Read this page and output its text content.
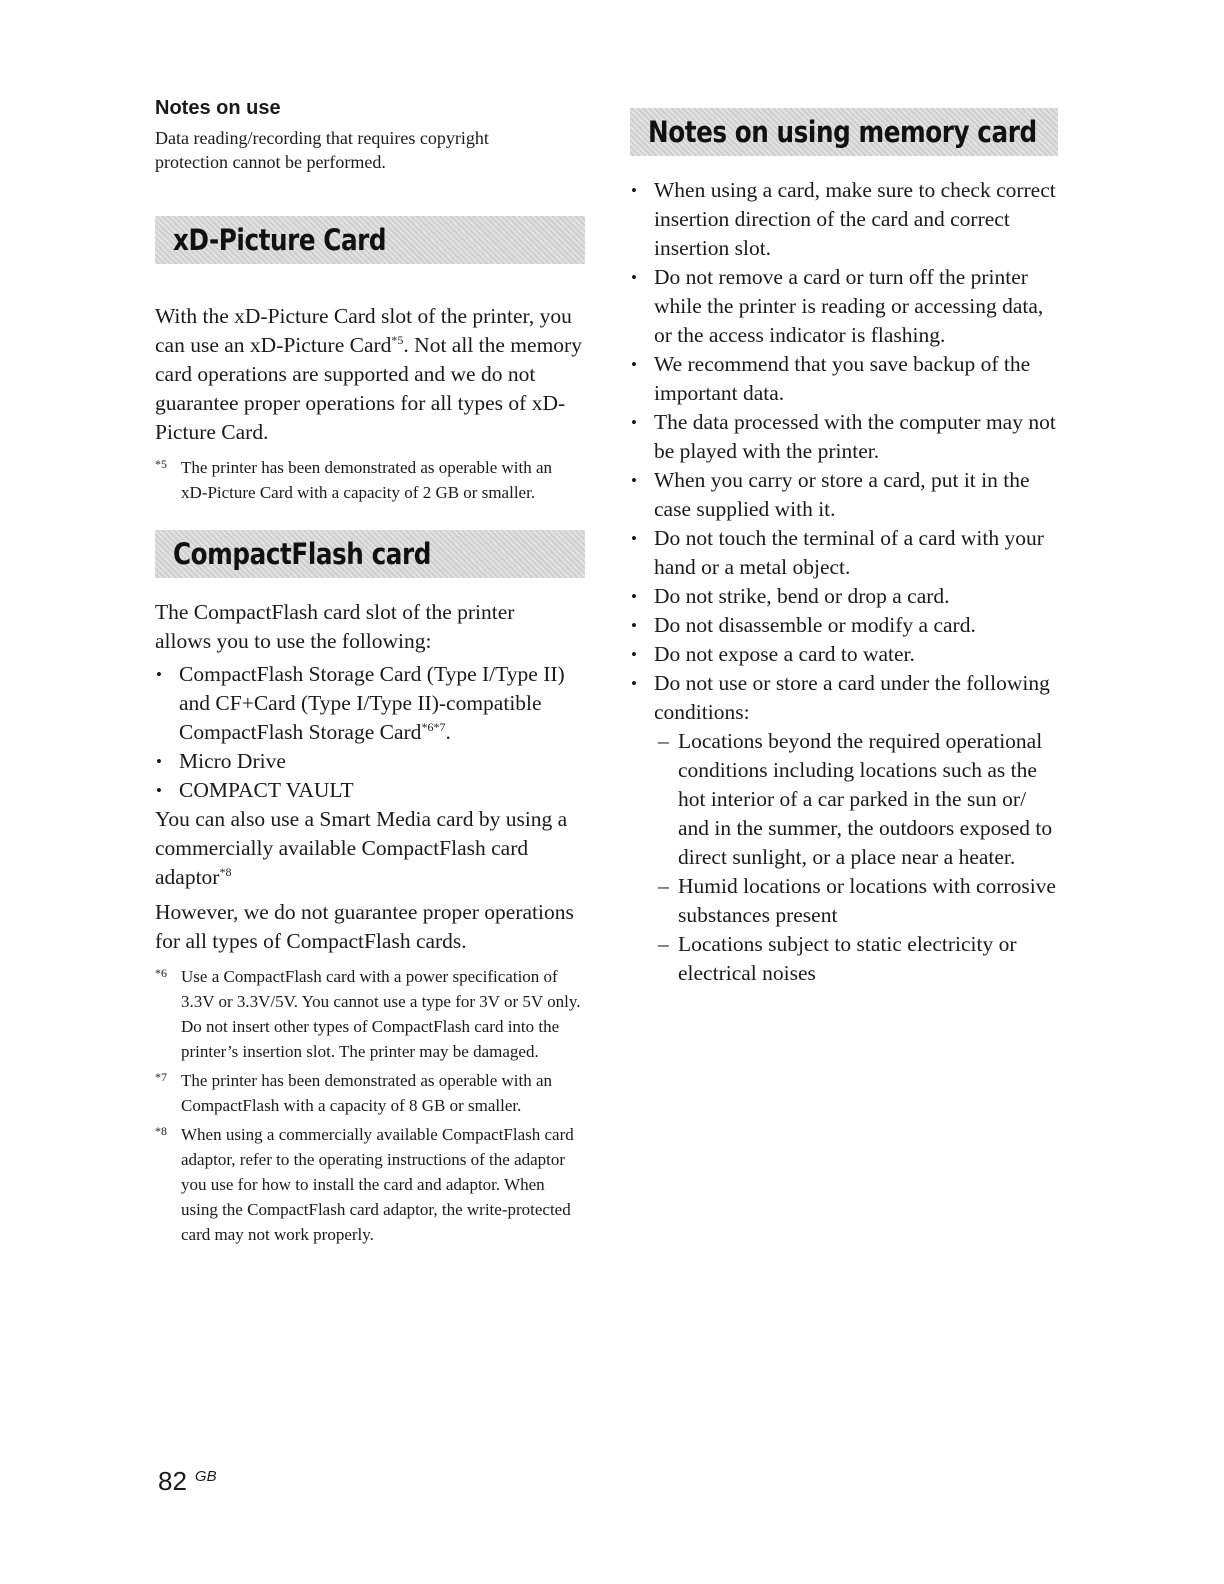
Notes on use

Data reading/recording that requires copyright protection cannot be performed.

xD-Picture Card

With the xD-Picture Card slot of the printer, you can use an xD-Picture Card$^{*5}$. Not all the memory card operations are supported and we do not guarantee proper operations for all types of xD-Picture Card.

*5 The printer has been demonstrated as operable with an xD-Picture Card with a capacity of 2 GB or smaller.

CompactFlash card

The CompactFlash card slot of the printer allows you to use the following:

• CompactFlash Storage Card (Type I/Type II) and CF+Card (Type I/Type II)-compatible CompactFlash Storage Card$^{*6*7}$.
• Micro Drive
• COMPACT VAULT

You can also use a Smart Media card by using a commercially available CompactFlash card adaptor$^{*8}$

However, we do not guarantee proper operations for all types of CompactFlash cards.

*6 Use a CompactFlash card with a power specification of 3.3V or 3.3V/5V. You cannot use a type for 3V or 5V only. Do not insert other types of CompactFlash card into the printer’s insertion slot. The printer may be damaged.

*7 The printer has been demonstrated as operable with an CompactFlash with a capacity of 8 GB or smaller.

*8 When using a commercially available CompactFlash card adaptor, refer to the operating instructions of the adaptor you use for how to install the card and adaptor. When using the CompactFlash card adaptor, the write-protected card may not work properly.

Notes on using memory card
• When using a card, make sure to check correct insertion direction of the card and correct insertion slot.
• Do not remove a card or turn off the printer while the printer is reading or accessing data, or the access indicator is flashing.
• We recommend that you save backup of the important data.
• The data processed with the computer may not be played with the printer.
• When you carry or store a card, put it in the case supplied with it.
• Do not touch the terminal of a card with your hand or a metal object.
• Do not strike, bend or drop a card.
• Do not disassemble or modify a card.
• Do not expose a card to water.
• Do not use or store a card under the following conditions:
– Locations beyond the required operational conditions including locations such as the hot interior of a car parked in the sun or/ and in the summer, the outdoors exposed to direct sunlight, or a place near a heater.
– Humid locations or locations with corrosive substances present
– Locations subject to static electricity or electrical noises
82 $^{GB}$
